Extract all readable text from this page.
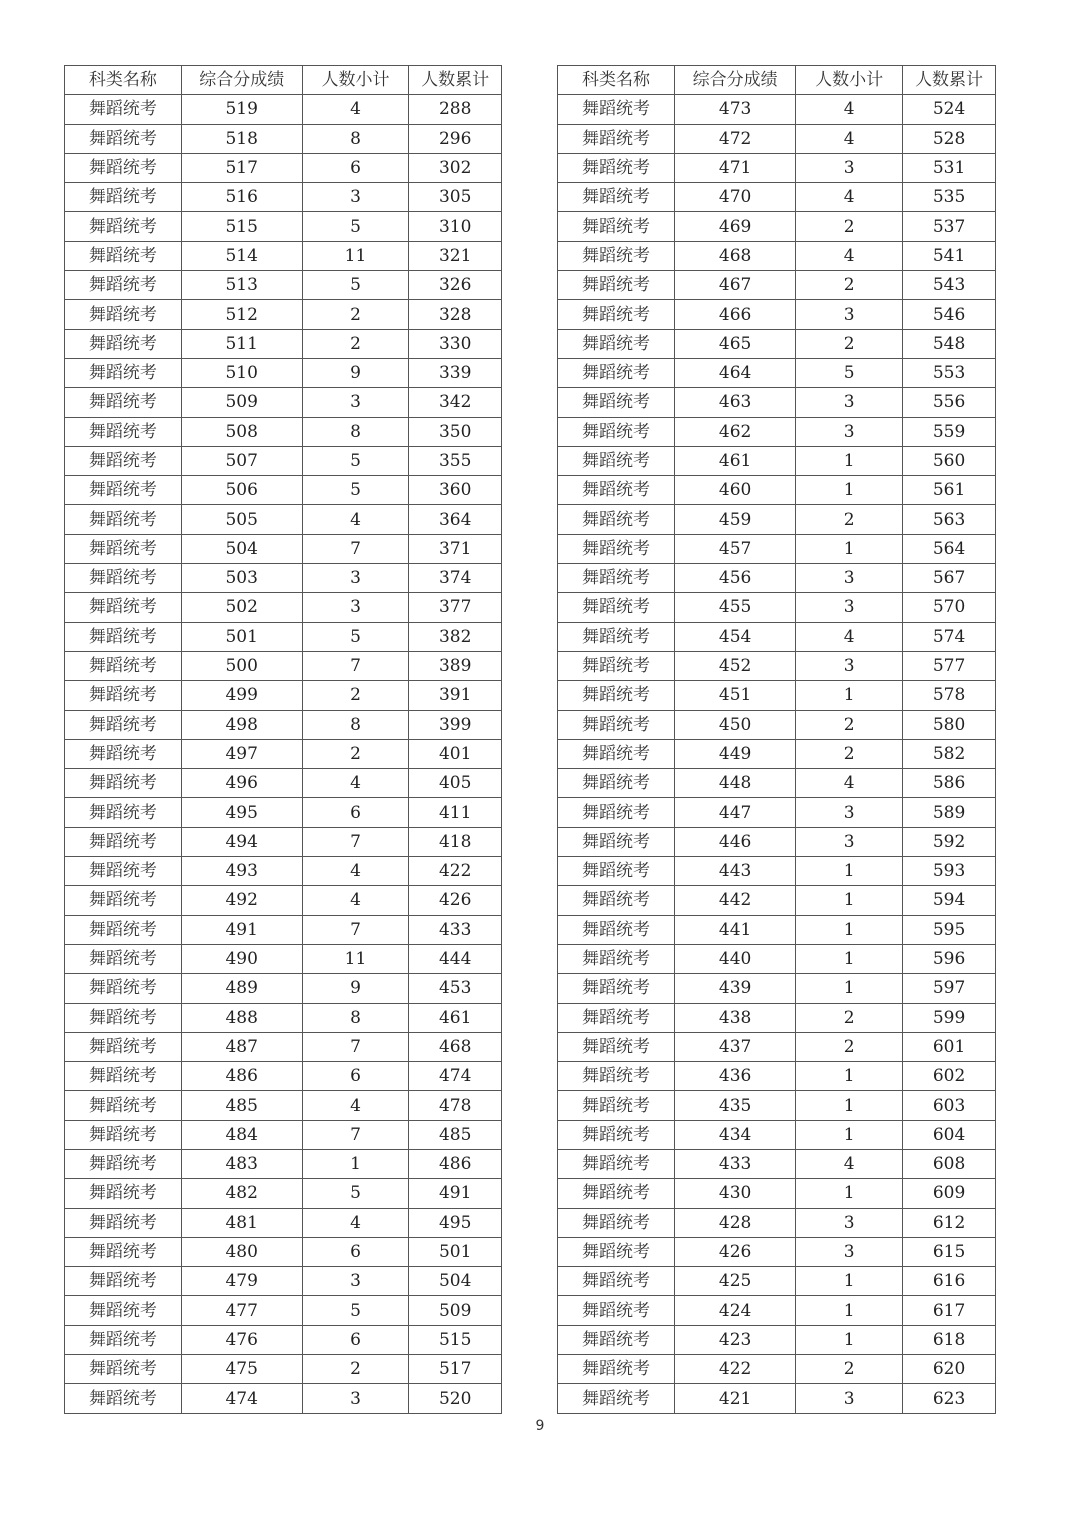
科类名称	综合分成绩	人数小计	人数累计
舞蹈统考	519	4	288
舞蹈统考	518	8	296
舞蹈统考	517	6	302
舞蹈统考	516	3	305
舞蹈统考	515	5	310
舞蹈统考	514	11	321
舞蹈统考	513	5	326
舞蹈统考	512	2	328
舞蹈统考	511	2	330
舞蹈统考	510	9	339
舞蹈统考	509	3	342
舞蹈统考	508	8	350
舞蹈统考	507	5	355
舞蹈统考	506	5	360
舞蹈统考	505	4	364
舞蹈统考	504	7	371
舞蹈统考	503	3	374
舞蹈统考	502	3	377
舞蹈统考	501	5	382
舞蹈统考	500	7	389
舞蹈统考	499	2	391
舞蹈统考	498	8	399
舞蹈统考	497	2	401
舞蹈统考	496	4	405
舞蹈统考	495	6	411
舞蹈统考	494	7	418
舞蹈统考	493	4	422
舞蹈统考	492	4	426
舞蹈统考	491	7	433
舞蹈统考	490	11	444
舞蹈统考	489	9	453
舞蹈统考	488	8	461
舞蹈统考	487	7	468
舞蹈统考	486	6	474
舞蹈统考	485	4	478
舞蹈统考	484	7	485
舞蹈统考	483	1	486
舞蹈统考	482	5	491
舞蹈统考	481	4	495
舞蹈统考	480	6	501
舞蹈统考	479	3	504
舞蹈统考	477	5	509
舞蹈统考	476	6	515
舞蹈统考	475	2	517
舞蹈统考	474	3	520
科类名称	综合分成绩	人数小计	人数累计
舞蹈统考	473	4	524
舞蹈统考	472	4	528
舞蹈统考	471	3	531
舞蹈统考	470	4	535
舞蹈统考	469	2	537
舞蹈统考	468	4	541
舞蹈统考	467	2	543
舞蹈统考	466	3	546
舞蹈统考	465	2	548
舞蹈统考	464	5	553
舞蹈统考	463	3	556
舞蹈统考	462	3	559
舞蹈统考	461	1	560
舞蹈统考	460	1	561
舞蹈统考	459	2	563
舞蹈统考	457	1	564
舞蹈统考	456	3	567
舞蹈统考	455	3	570
舞蹈统考	454	4	574
舞蹈统考	452	3	577
舞蹈统考	451	1	578
舞蹈统考	450	2	580
舞蹈统考	449	2	582
舞蹈统考	448	4	586
舞蹈统考	447	3	589
舞蹈统考	446	3	592
舞蹈统考	443	1	593
舞蹈统考	442	1	594
舞蹈统考	441	1	595
舞蹈统考	440	1	596
舞蹈统考	439	1	597
舞蹈统考	438	2	599
舞蹈统考	437	2	601
舞蹈统考	436	1	602
舞蹈统考	435	1	603
舞蹈统考	434	1	604
舞蹈统考	433	4	608
舞蹈统考	430	1	609
舞蹈统考	428	3	612
舞蹈统考	426	3	615
舞蹈统考	425	1	616
舞蹈统考	424	1	617
舞蹈统考	423	1	618
舞蹈统考	422	2	620
舞蹈统考	421	3	623
9
